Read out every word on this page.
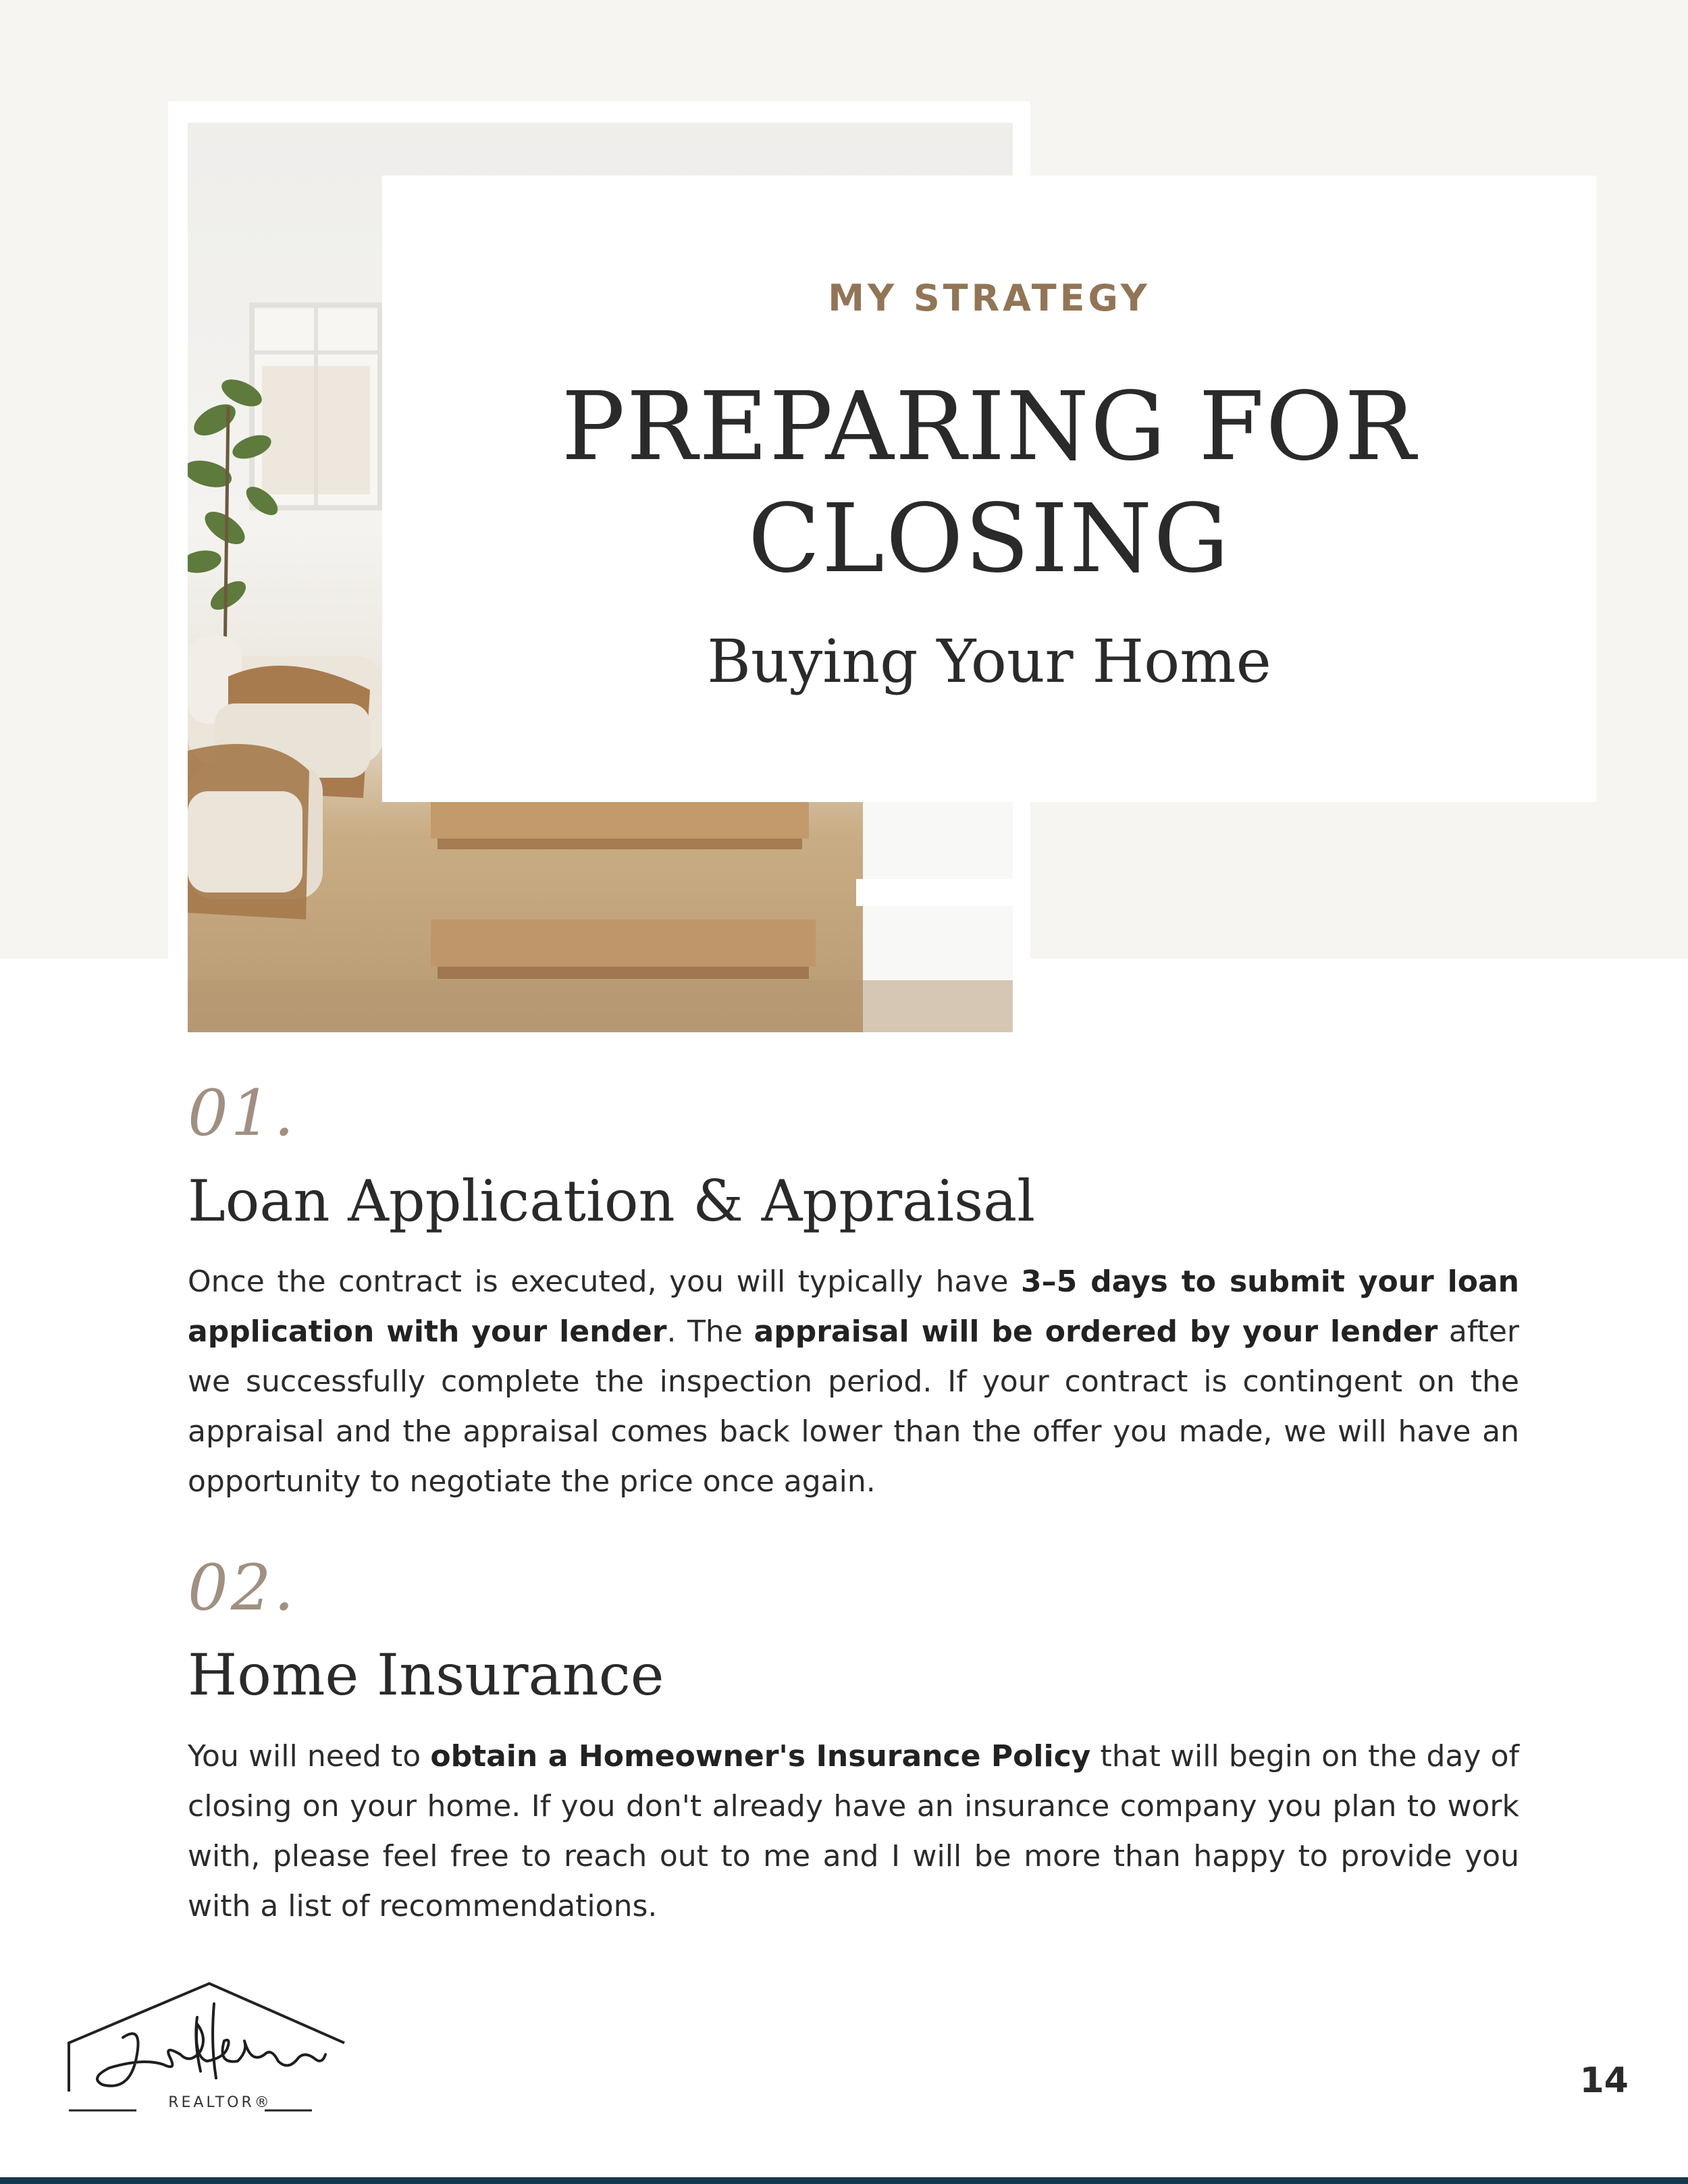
MY STRATEGY
PREPARING FOR
CLOSING
Buying Your Home
01.
Loan Application & Appraisal

Once the contract is executed, you will typically have 3–5 days to submit your loan application with your lender. The appraisal will be ordered by your lender after we successfully complete the inspection period. If your contract is contingent on the appraisal and the appraisal comes back lower than the offer you made, we will have an opportunity to negotiate the price once again.

02.
Home Insurance

You will need to obtain a Homeowner's Insurance Policy that will begin on the day of closing on your home. If you don't already have an insurance company you plan to work with, please feel free to reach out to me and I will be more than happy to provide you with a list of recommendations.

REALTOR®
14
